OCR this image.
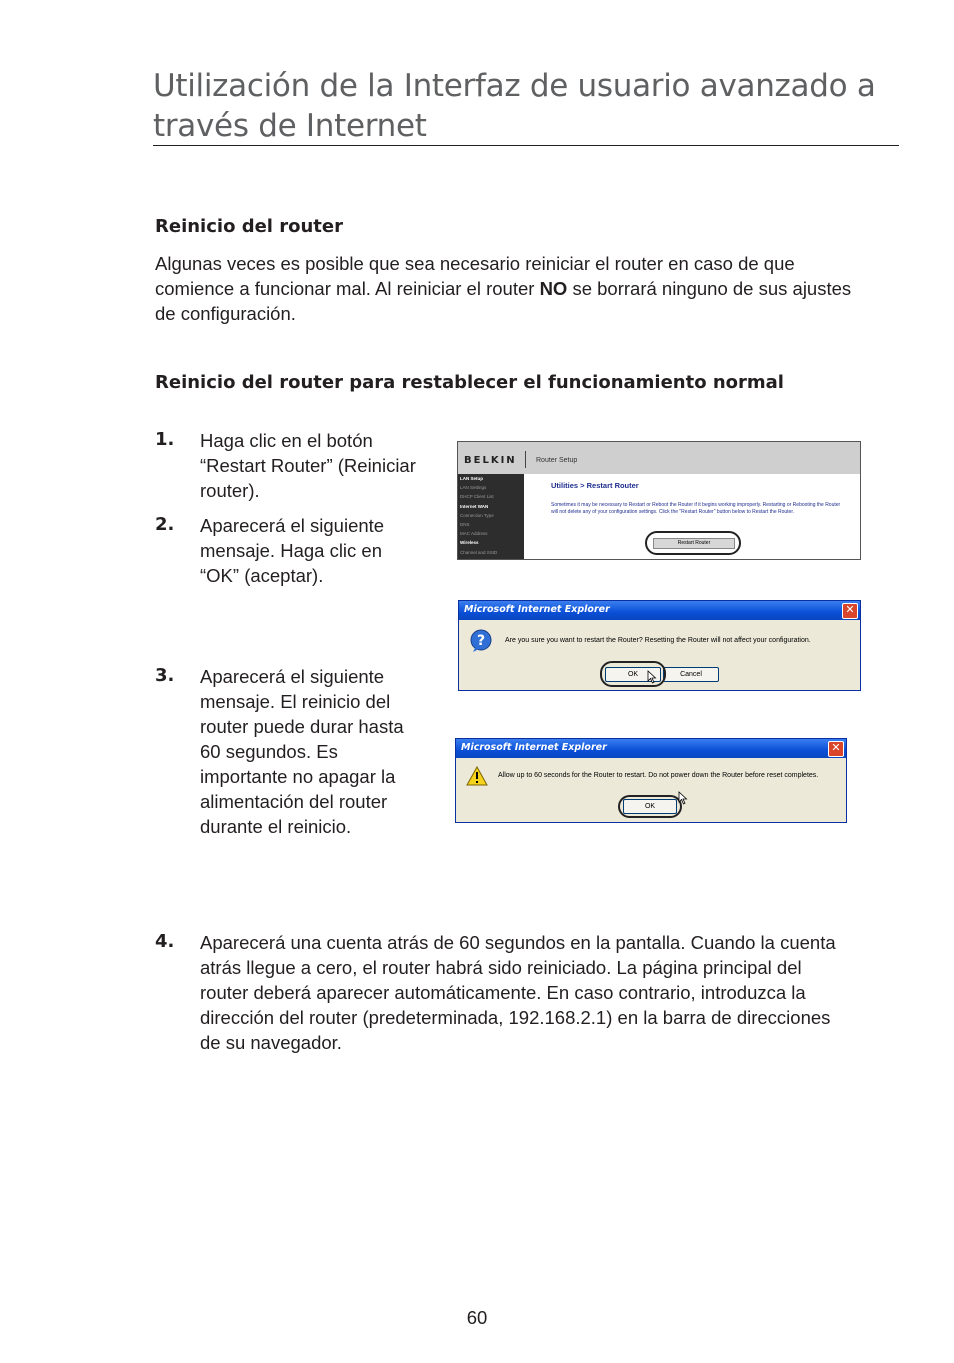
Utilización de la Interfaz de usuario avanzado a través de Internet
Reinicio del router

Algunas veces es posible que sea necesario reiniciar el router en caso de que comience a funcionar mal. Al reiniciar el router NO se borrará ninguno de sus ajustes de configuración.

Reinicio del router para restablecer el funcionamiento normal
1. Haga clic en el botón “Restart Router” (Reiniciar router).

2. Aparecerá el siguiente mensaje. Haga clic en “OK” (aceptar).

3. Aparecerá el siguiente mensaje. El reinicio del router puede durar hasta 60 segundos. Es importante no apagar la alimentación del router durante el reinicio.

4. Aparecerá una cuenta atrás de 60 segundos en la pantalla. Cuando la cuenta atrás llegue a cero, el router habrá sido reiniciado. La página principal del router deberá aparecer automáticamente. En caso contrario, introduzca la dirección del router (predeterminada, 192.168.2.1) en la barra de direcciones de su navegador.

BELKIN	Router Setup
LAN Setup
LAN Settings
DHCP Client List
Internet WAN
Connection Type
DNS
MAC Address
Wireless
Channel and SSID
Utilities > Restart Router
Sometimes it may be necessary to Restart or Reboot the Router if it begins working improperly. Restarting or Rebooting the Router will not delete any of your configuration settings. Click the "Restart Router" button below to Restart the Router.
Restart Router
Microsoft Internet Explorer	✕
?	Are you sure you want to restart the Router? Resetting the Router will not affect your configuration.
OK	Cancel
Microsoft Internet Explorer	✕
Allow up to 60 seconds for the Router to restart. Do not power down the Router before reset completes.
OK
60
